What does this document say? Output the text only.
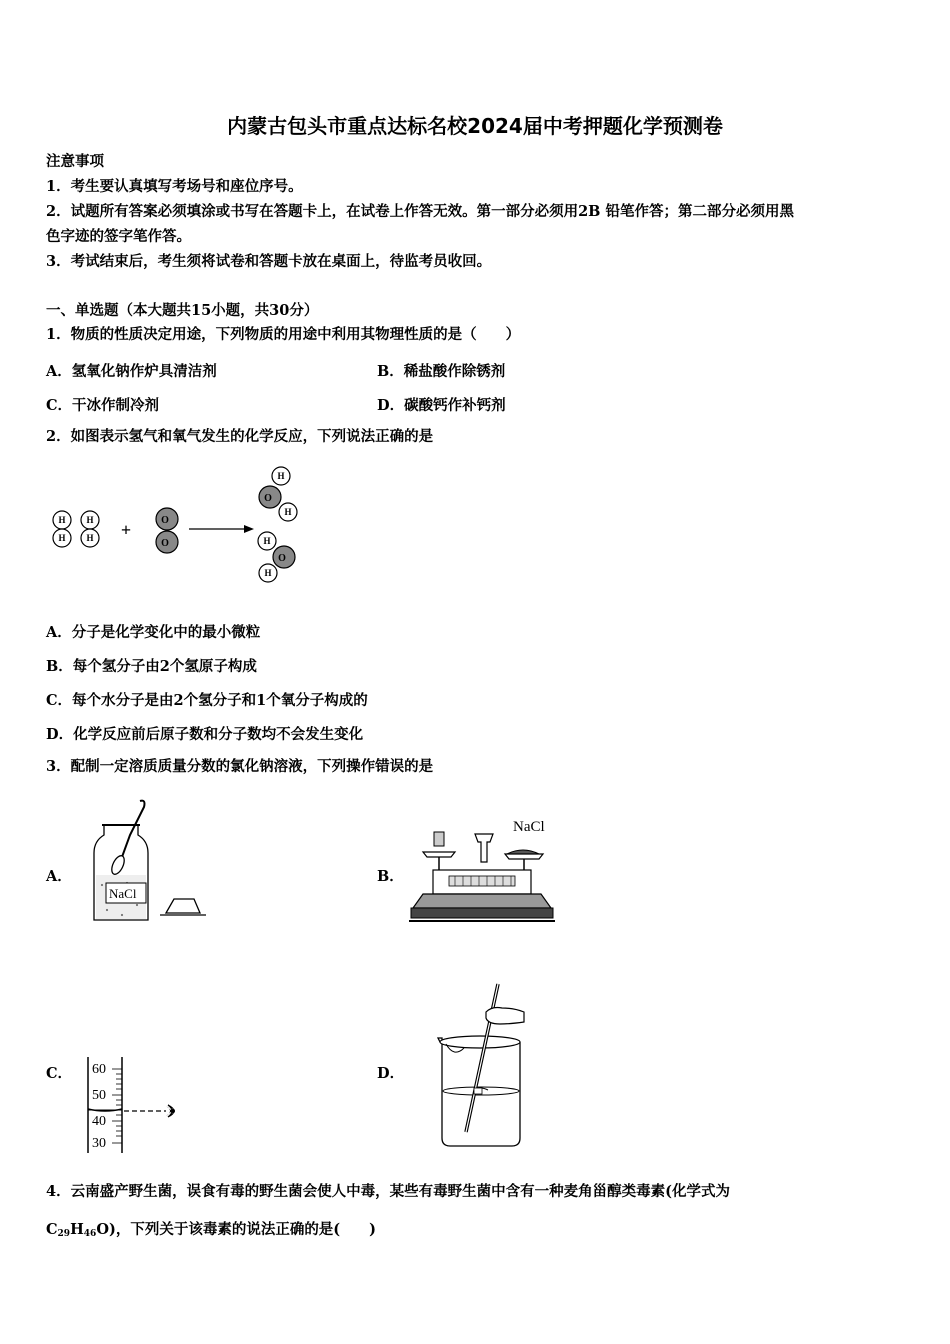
内蒙古包头市重点达标名校2024届中考押题化学预测卷
注意事项
1．考生要认真填写考场号和座位序号。
2．试题所有答案必须填涂或书写在答题卡上，在试卷上作答无效。第一部分必须用2B 铅笔作答；第二部分必须用黑
色字迹的签字笔作答。
3．考试结束后，考生须将试卷和答题卡放在桌面上，待监考员收回。
一、单选题（本大题共15小题，共30分）
1．物质的性质决定用途，下列物质的用途中利用其物理性质的是（　　）
A．氢氧化钠作炉具清洁剂	B．稀盐酸作除锈剂
C．干冰作制冷剂	D．碳酸钙作补钙剂
2．如图表示氢气和氧气发生的化学反应，下列说法正确的是
H
H
H
H +	O
O
H
O
H
H
O
H
A．分子是化学变化中的最小微粒
B．每个氢分子由2个氢原子构成
C．每个水分子是由2个氢分子和1个氧分子构成的
D．化学反应前后原子数和分子数均不会发生变化
3．配制一定溶质质量分数的氯化钠溶液，下列操作错误的是
A．
NaCl
B．
NaCl
C． 60
50
40
30
D．
4．云南盛产野生菌，误食有毒的野生菌会使人中毒，某些有毒野生菌中含有一种麦角甾醇类毒素(化学式为
$C_{29}H_{46}O$)，下列关于该毒素的说法正确的是(　　)
